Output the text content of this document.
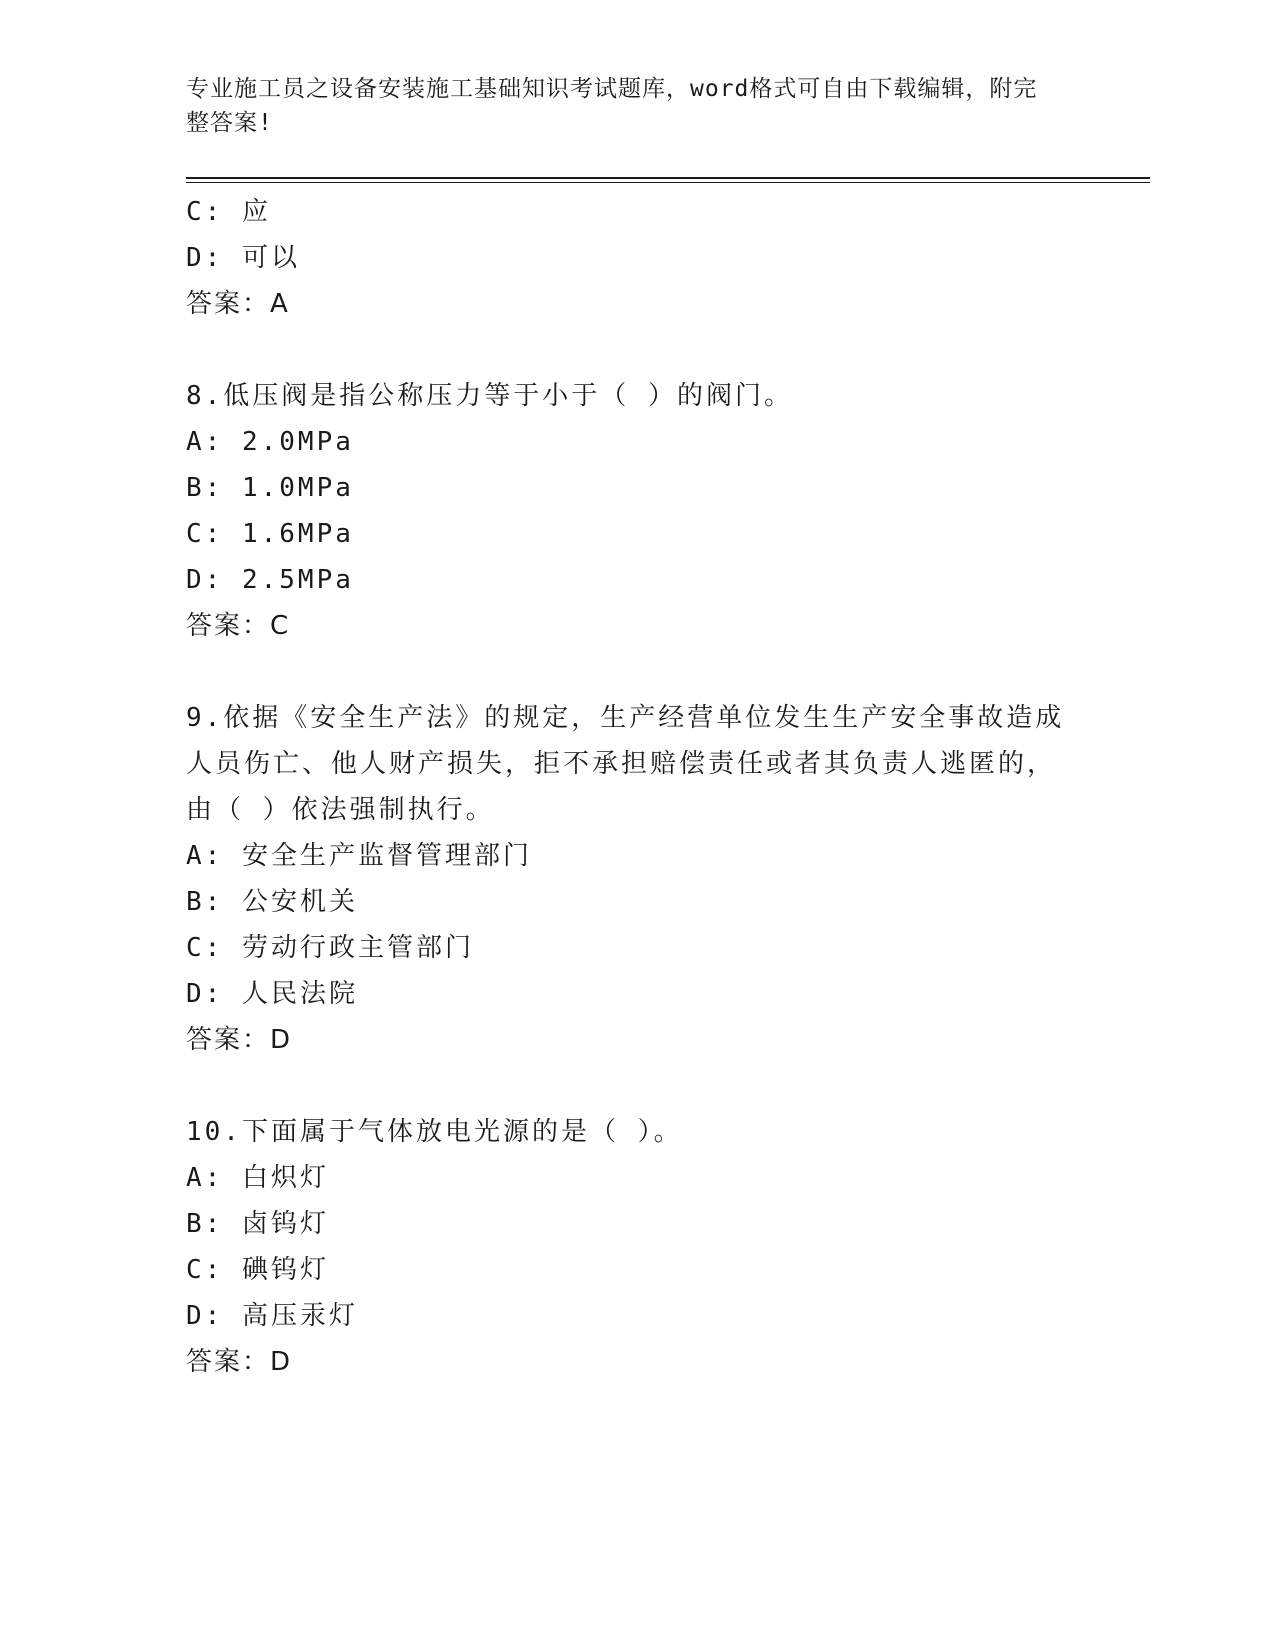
专业施工员之设备安装施工基础知识考试题库，word格式可自由下载编辑，附完
整答案!
C: 应
D: 可以
答案：A
8.低压阀是指公称压力等于小于（ ）的阀门。
A: 2.0MPa
B: 1.0MPa
C: 1.6MPa
D: 2.5MPa
答案：C
9.依据《安全生产法》的规定，生产经营单位发生生产安全事故造成
人员伤亡、他人财产损失，拒不承担赔偿责任或者其负责人逃匿的，
由（ ）依法强制执行。
A: 安全生产监督管理部门
B: 公安机关
C: 劳动行政主管部门
D: 人民法院
答案：D
10.下面属于气体放电光源的是（ ）。
A: 白炽灯
B: 卤钨灯
C: 碘钨灯
D: 高压汞灯
答案：D
